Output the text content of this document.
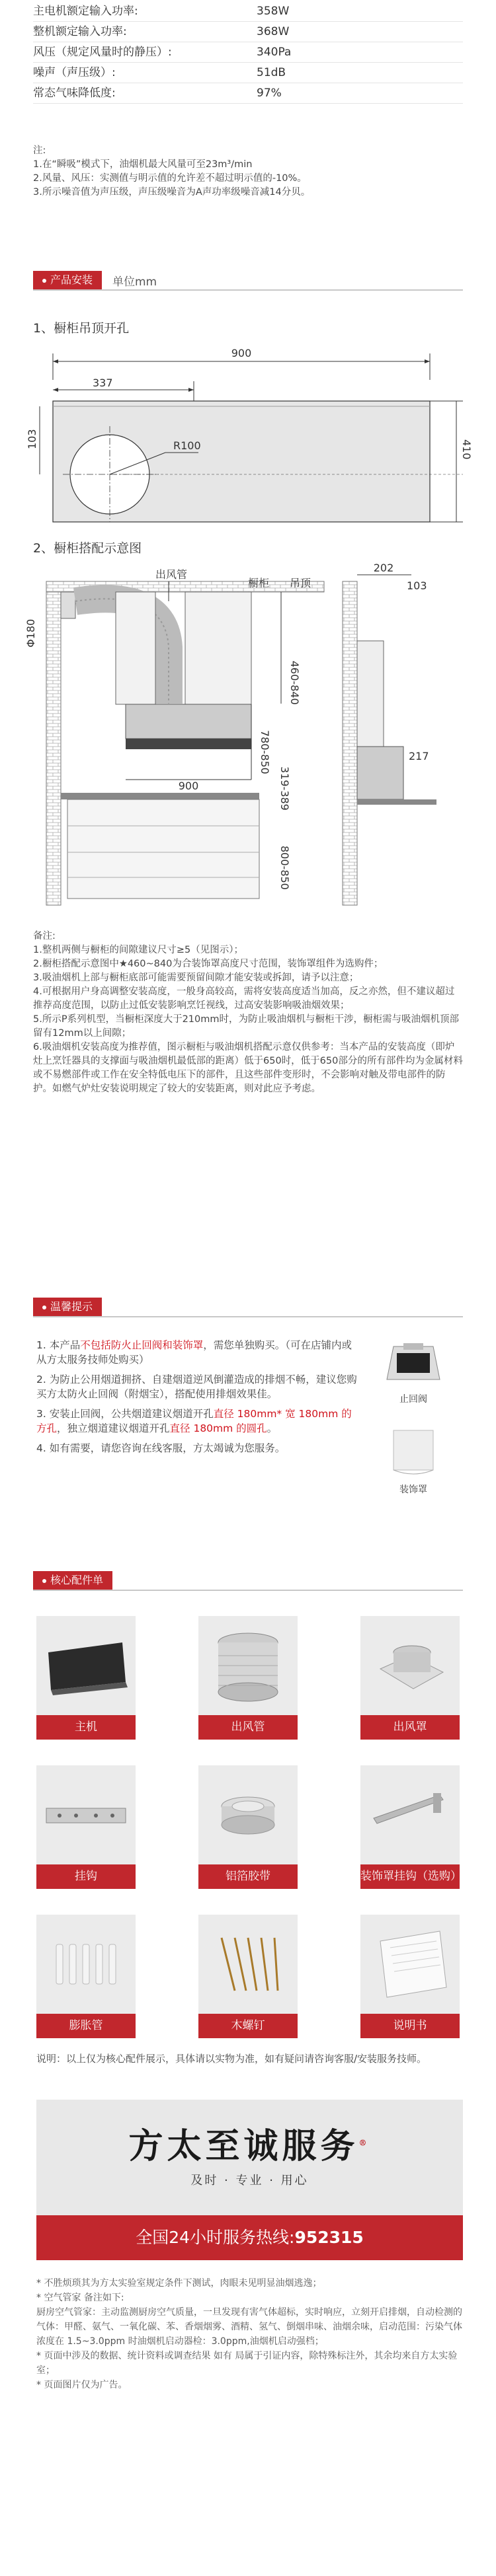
主电机额定输入功率:	358W
整机额定输入功率:	368W
风压（规定风量时的静压）:	340Pa
噪声（声压级）:	51dB
常态气味降低度:	97%
注:
1.在“瞬吸”模式下，油烟机最大风量可至23m³/min
2.风量、风压：实测值与明示值的允许差不超过明示值的-10%。
3.所示噪音值为声压级，声压级噪音为A声功率级噪音减14分贝。
产品安装	单位mm
1、橱柜吊顶开孔
900
337
R100	410
103
2、橱柜搭配示意图
出风管
Φ180
橱柜 吊顶
460-840
780-850
319-389
900
800-850
202
103
217
备注:
1.整机两侧与橱柜的间隙建议尺寸≥5（见图示）；
2.橱柜搭配示意图中★460~840为合装饰罩高度尺寸范围，装饰罩组件为选购件；
3.吸油烟机上部与橱柜底部可能需要预留间隙才能安装或拆卸，请予以注意；
4.可根据用户身高调整安装高度，一般身高较高，需将安装高度适当加高，反之亦然，但不建议超过推荐高度范围，以防止过低安装影响烹饪视线，过高安装影响吸油烟效果；
5.所示P系列机型，当橱柜深度大于210mm时，为防止吸油烟机与橱柜干涉，橱柜需与吸油烟机顶部留有12mm以上间隙；
6.吸油烟机安装高度为推荐值，图示橱柜与吸油烟机搭配示意仅供参考：当本产品的安装高度（即炉灶上烹饪器具的支撑面与吸油烟机最低部的距离）低于650时，低于650部分的所有部件均为金属材料或不易燃部件或工作在安全特低电压下的部件，且这些部件变形时，不会影响对触及带电部件的防护。如燃气炉灶安装说明规定了较大的安装距离，则对此应予考虑。
温馨提示
1. 本产品不包括防火止回阀和装饰罩，需您单独购买。（可在店铺内或从方太服务技师处购买）
2. 为防止公用烟道拥挤、自建烟道逆风倒灌造成的排烟不畅，建议您购买方太防火止回阀（附烟宝），搭配使用排烟效果佳。
3. 安装止回阀，公共烟道建议烟道开孔直径 180mm* 宽 180mm 的方孔，独立烟道建议烟道开孔直径 180mm 的圆孔。
4. 如有需要，请您咨询在线客服，方太竭诚为您服务。
止回阀
装饰罩
核心配件单
主机	出风管	出风罩
挂钩	铝箔胶带	装饰罩挂钩（选购）
膨胀管	木螺钉	说明书
说明：以上仅为核心配件展示，具体请以实物为准，如有疑问请咨询客服/安装服务技师。
方太至诚服务®
及时 · 专业 · 用心
全国24小时服务热线:952315
* 不胜烦琐其为方太实验室规定条件下测试，肉眼未见明显油烟逃逸；
* 空气管家 备注如下:
厨房空气管家：主动监测厨房空气质量，一旦发现有害气体超标，实时响应，立刻开启排烟，自动检测的气体：甲醛、氨气、一氧化碳、苯、香烟烟雾、酒精、氢气、倒烟串味、油烟余味，启动范围：污染气体浓度在 1.5~3.0ppm 时油烟机启动器检：3.0ppm,油烟机启动强档；
* 页面中涉及的数据、统计资料或调查结果 如有 局属于引证内容，除特殊标注外，其余均来自方太实验室；
* 页面图片仅为广告。
